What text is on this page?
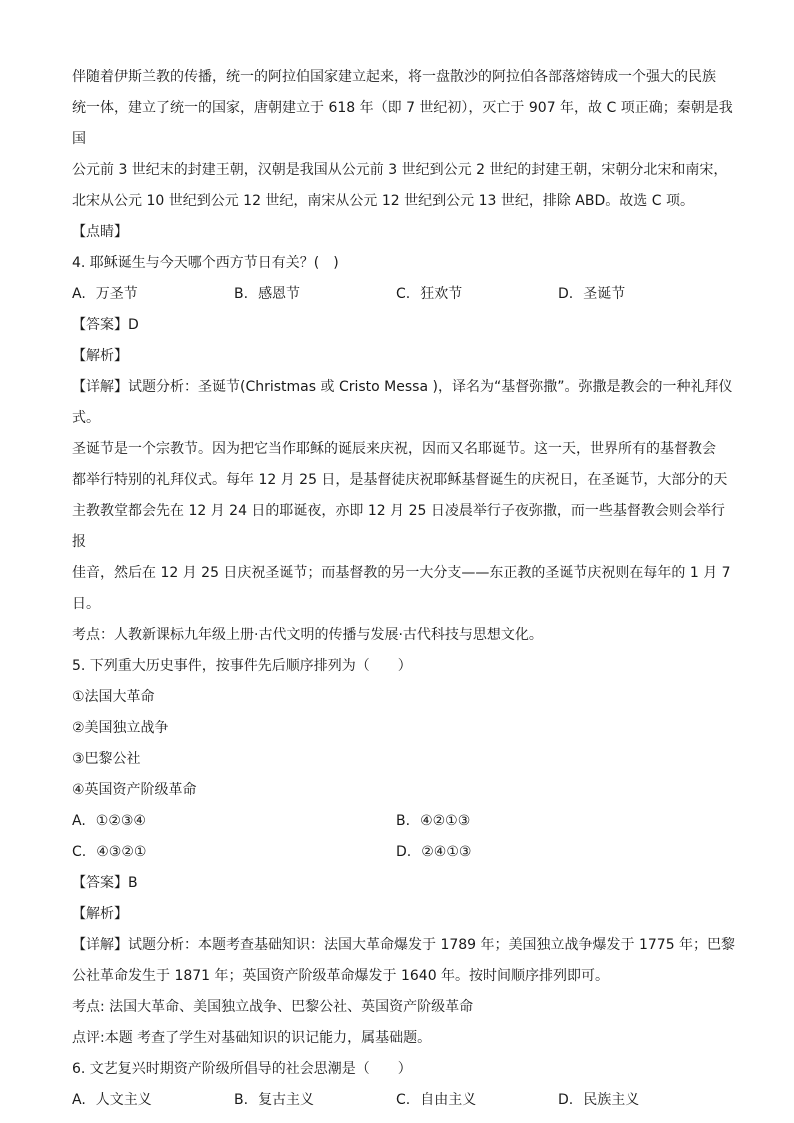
伴随着伊斯兰教的传播，统一的阿拉伯国家建立起来，将一盘散沙的阿拉伯各部落熔铸成一个强大的民族

统一体，建立了统一的国家，唐朝建立于 618 年（即 7 世纪初），灭亡于 907 年，故 C 项正确；秦朝是我国

公元前 3 世纪末的封建王朝，汉朝是我国从公元前 3 世纪到公元 2 世纪的封建王朝，宋朝分北宋和南宋，

北宋从公元 10 世纪到公元 12 世纪，南宋从公元 12 世纪到公元 13 世纪，排除 ABD。故选 C 项。

【点睛】

4. 耶稣诞生与今天哪个西方节日有关？(　)

A. 万圣节	B. 感恩节	C. 狂欢节	D. 圣诞节

【答案】D

【解析】

【详解】试题分析：圣诞节(Christmas 或 Cristo Messa )，译名为“基督弥撒”。弥撒是教会的一种礼拜仪式。

圣诞节是一个宗教节。因为把它当作耶稣的诞辰来庆祝，因而又名耶诞节。这一天，世界所有的基督教会

都举行特别的礼拜仪式。每年 12 月 25 日，是基督徒庆祝耶稣基督诞生的庆祝日，在圣诞节，大部分的天

主教教堂都会先在 12 月 24 日的耶诞夜，亦即 12 月 25 日凌晨举行子夜弥撒，而一些基督教会则会举行报

佳音，然后在 12 月 25 日庆祝圣诞节；而基督教的另一大分支——东正教的圣诞节庆祝则在每年的 1 月 7

日。

考点：人教新课标九年级上册·古代文明的传播与发展·古代科技与思想文化。

5. 下列重大历史事件，按事件先后顺序排列为（　　）

①法国大革命

②美国独立战争

③巴黎公社

④英国资产阶级革命

A. ①②③④	B. ④②①③
C. ④③②①	D. ②④①③

【答案】B

【解析】

【详解】试题分析：本题考查基础知识：法国大革命爆发于 1789 年；美国独立战争爆发于 1775 年；巴黎

公社革命发生于 1871 年；英国资产阶级革命爆发于 1640 年。按时间顺序排列即可。

考点: 法国大革命、美国独立战争、巴黎公社、英国资产阶级革命

点评:本题 考查了学生对基础知识的识记能力，属基础题。

6. 文艺复兴时期资产阶级所倡导的社会思潮是（　　）

A. 人文主义	B. 复古主义	C. 自由主义	D. 民族主义
